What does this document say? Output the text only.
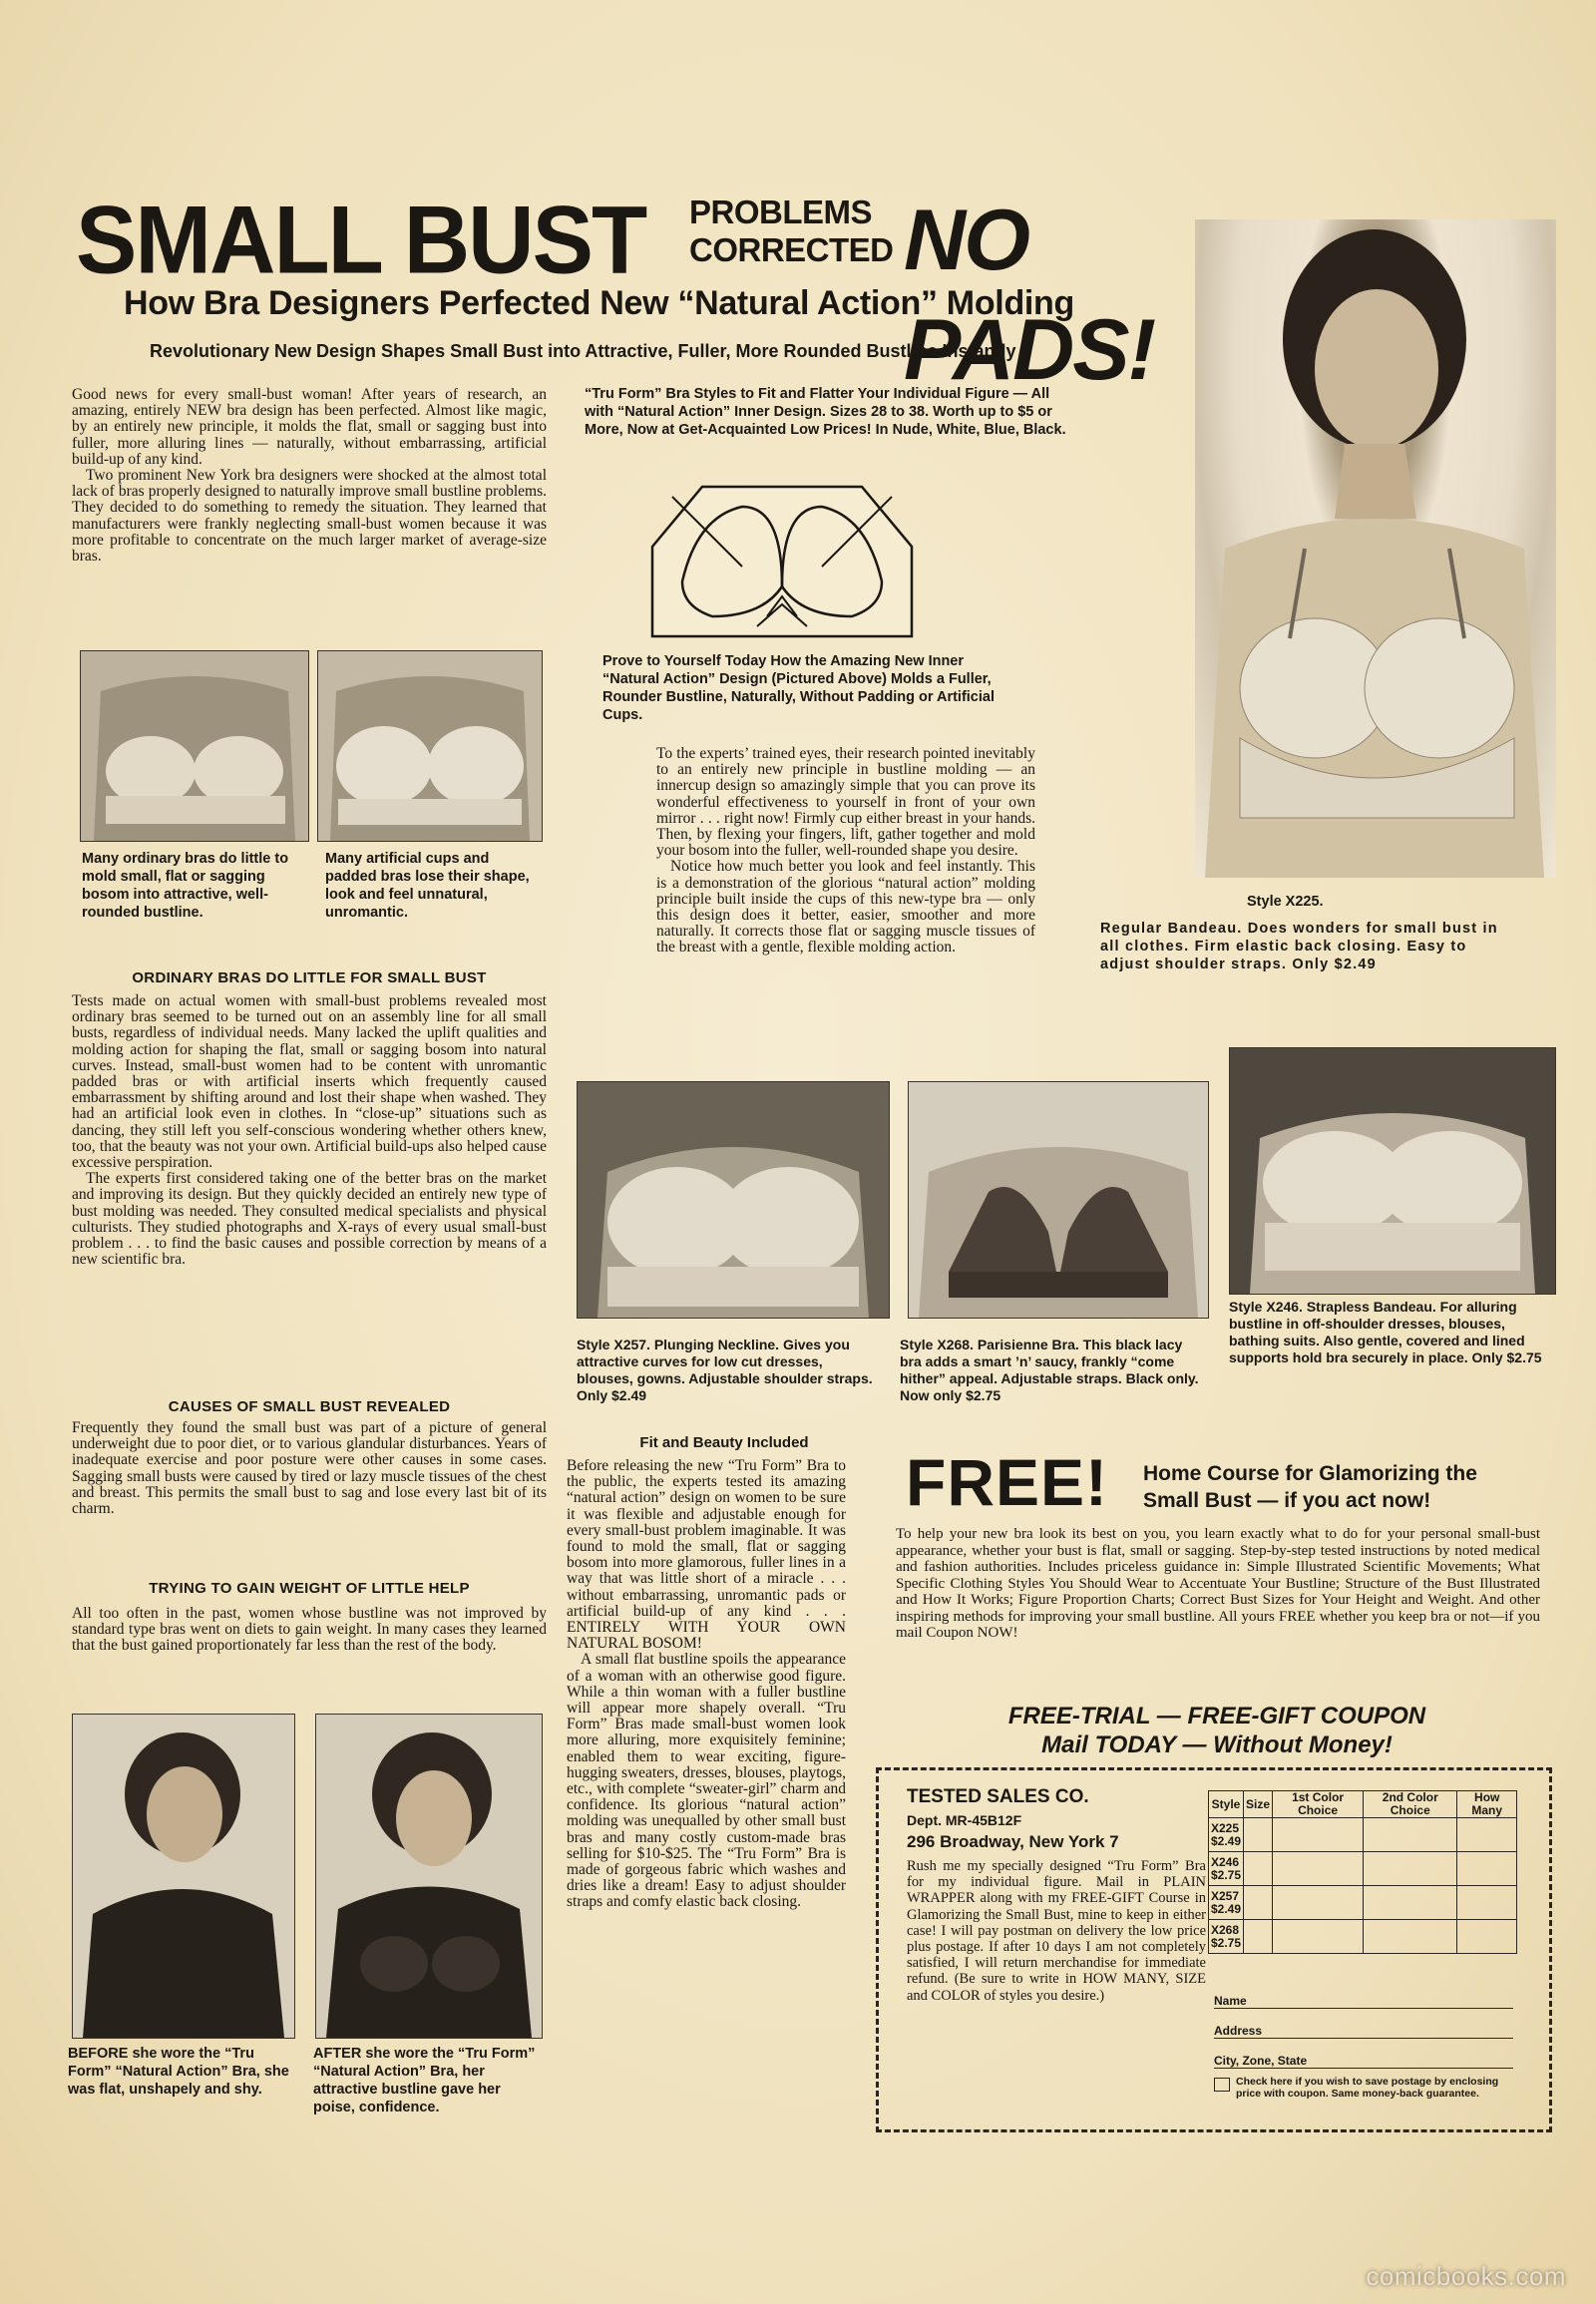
SMALL BUST PROBLEMS
CORRECTED NO PADS!
How Bra Designers Perfected New “Natural Action” Molding
Revolutionary New Design Shapes Small Bust into Attractive, Fuller, More Rounded Bustline Instantly
Style X225.
Regular Bandeau. Does wonders for small bust in all clothes. Firm elastic back closing. Easy to adjust shoulder straps. Only $2.49

Good news for every small-bust woman! After years of research, an amazing, entirely NEW bra design has been perfected. Almost like magic, by an entirely new principle, it molds the flat, small or sagging bust into fuller, more alluring lines — naturally, without embarrassing, artificial build-up of any kind.

Two prominent New York bra designers were shocked at the almost total lack of bras properly designed to naturally improve small bustline problems. They decided to do something to remedy the situation. They learned that manufacturers were frankly neglecting small-bust women because it was more profitable to concentrate on the much larger market of average-size bras.

Many ordinary bras do little to mold small, flat or sagging bosom into attractive, well-rounded bustline.
Many artificial cups and padded bras lose their shape, look and feel unnatural, unromantic.
ORDINARY BRAS DO LITTLE FOR SMALL BUST

Tests made on actual women with small-bust problems revealed most ordinary bras seemed to be turned out on an assembly line for all small busts, regardless of individual needs. Many lacked the uplift qualities and molding action for shaping the flat, small or sagging bosom into natural curves. Instead, small-bust women had to be content with unromantic padded bras or with artificial inserts which frequently caused embarrassment by shifting around and lost their shape when washed. They had an artificial look even in clothes. In “close-up” situations such as dancing, they still left you self-conscious wondering whether others knew, too, that the beauty was not your own. Artificial build-ups also helped cause excessive perspiration.

The experts first considered taking one of the better bras on the market and improving its design. But they quickly decided an entirely new type of bust molding was needed. They consulted medical specialists and physical culturists. They studied photographs and X-rays of every usual small-bust problem . . . to find the basic causes and possible correction by means of a new scientific bra.

CAUSES OF SMALL BUST REVEALED

Frequently they found the small bust was part of a picture of general underweight due to poor diet, or to various glandular disturbances. Years of inadequate exercise and poor posture were other causes in some cases. Sagging small busts were caused by tired or lazy muscle tissues of the chest and breast. This permits the small bust to sag and lose every last bit of its charm.

TRYING TO GAIN WEIGHT OF LITTLE HELP

All too often in the past, women whose bustline was not improved by standard type bras went on diets to gain weight. In many cases they learned that the bust gained proportionately far less than the rest of the body.

BEFORE she wore the “Tru Form” “Natural Action” Bra, she was flat, unshapely and shy.
AFTER she wore the “Tru Form” “Natural Action” Bra, her attractive bustline gave her poise, confidence.
“Tru Form” Bra Styles to Fit and Flatter Your Individual Figure — All with “Natural Action” Inner Design. Sizes 28 to 38. Worth up to $5 or More, Now at Get-Acquainted Low Prices! In Nude, White, Blue, Black.
Prove to Yourself Today How the Amazing New Inner “Natural Action” Design (Pictured Above) Molds a Fuller, Rounder Bustline, Naturally, Without Padding or Artificial Cups.

To the experts’ trained eyes, their research pointed inevitably to an entirely new principle in bustline molding — an innercup design so amazingly simple that you can prove its wonderful effectiveness to yourself in front of your own mirror . . . right now! Firmly cup either breast in your hands. Then, by flexing your fingers, lift, gather together and mold your bosom into the fuller, well-rounded shape you desire.

Notice how much better you look and feel instantly. This is a demonstration of the glorious “natural action” molding principle built inside the cups of this new-type bra — only this design does it better, easier, smoother and more naturally. It corrects those flat or sagging muscle tissues of the breast with a gentle, flexible molding action.

Style X257. Plunging Neckline. Gives you attractive curves for low cut dresses, blouses, gowns. Adjustable shoulder straps. Only $2.49
Style X268. Parisienne Bra. This black lacy bra adds a smart ’n’ saucy, frankly “come hither” appeal. Adjustable straps. Black only. Now only $2.75
Style X246. Strapless Bandeau. For alluring bustline in off-shoulder dresses, blouses, bathing suits. Also gentle, covered and lined supports hold bra securely in place. Only $2.75
Fit and Beauty Included

Before releasing the new “Tru Form” Bra to the public, the experts tested its amazing “natural action” design on women to be sure it was flexible and adjustable enough for every small-bust problem imaginable. It was found to mold the small, flat or sagging bosom into more glamorous, fuller lines in a way that was little short of a miracle . . . without embarrassing, unromantic pads or artificial build-up of any kind . . . ENTIRELY WITH YOUR OWN NATURAL BOSOM!

A small flat bustline spoils the appearance of a woman with an otherwise good figure. While a thin woman with a fuller bustline will appear more shapely overall. “Tru Form” Bras made small-bust women look more alluring, more exquisitely feminine; enabled them to wear exciting, figure-hugging sweaters, dresses, blouses, playtogs, etc., with complete “sweater-girl” charm and confidence. Its glorious “natural action” molding was unequalled by other small bust bras and many costly custom-made bras selling for $10-$25. The “Tru Form” Bra is made of gorgeous fabric which washes and dries like a dream! Easy to adjust shoulder straps and comfy elastic back closing.

FREE!	Home Course for Glamorizing the Small Bust — if you act now!

To help your new bra look its best on you, you learn exactly what to do for your personal small-bust appearance, whether your bust is flat, small or sagging. Step-by-step tested instructions by noted medical and fashion authorities. Includes priceless guidance in: Simple Illustrated Scientific Movements; What Specific Clothing Styles You Should Wear to Accentuate Your Bustline; Structure of the Bust Illustrated and How It Works; Figure Proportion Charts; Correct Bust Sizes for Your Height and Weight. And other inspiring methods for improving your small bustline. All yours FREE whether you keep bra or not—if you mail Coupon NOW!

FREE-TRIAL — FREE-GIFT COUPON
Mail TODAY — Without Money!
TESTED SALES CO.
Dept. MR-45B12F
296 Broadway, New York 7
Rush me my specially designed “Tru Form” Bra for my individual figure. Mail in PLAIN WRAPPER along with my FREE-GIFT Course in Glamorizing the Small Bust, mine to keep in either case! I will pay postman on delivery the low price plus postage. If after 10 days I am not completely satisfied, I will return merchandise for immediate refund. (Be sure to write in HOW MANY, SIZE and COLOR of styles you desire.)
Style	Size	1st Color Choice	2nd Color Choice	How Many

X225
$2.49				

X246
$2.75				

X257
$2.49				

X268
$2.75				

Name
Address
City, Zone, State
Check here if you wish to save postage by enclosing price with coupon. Same money-back guarantee.
comicbooks.com
